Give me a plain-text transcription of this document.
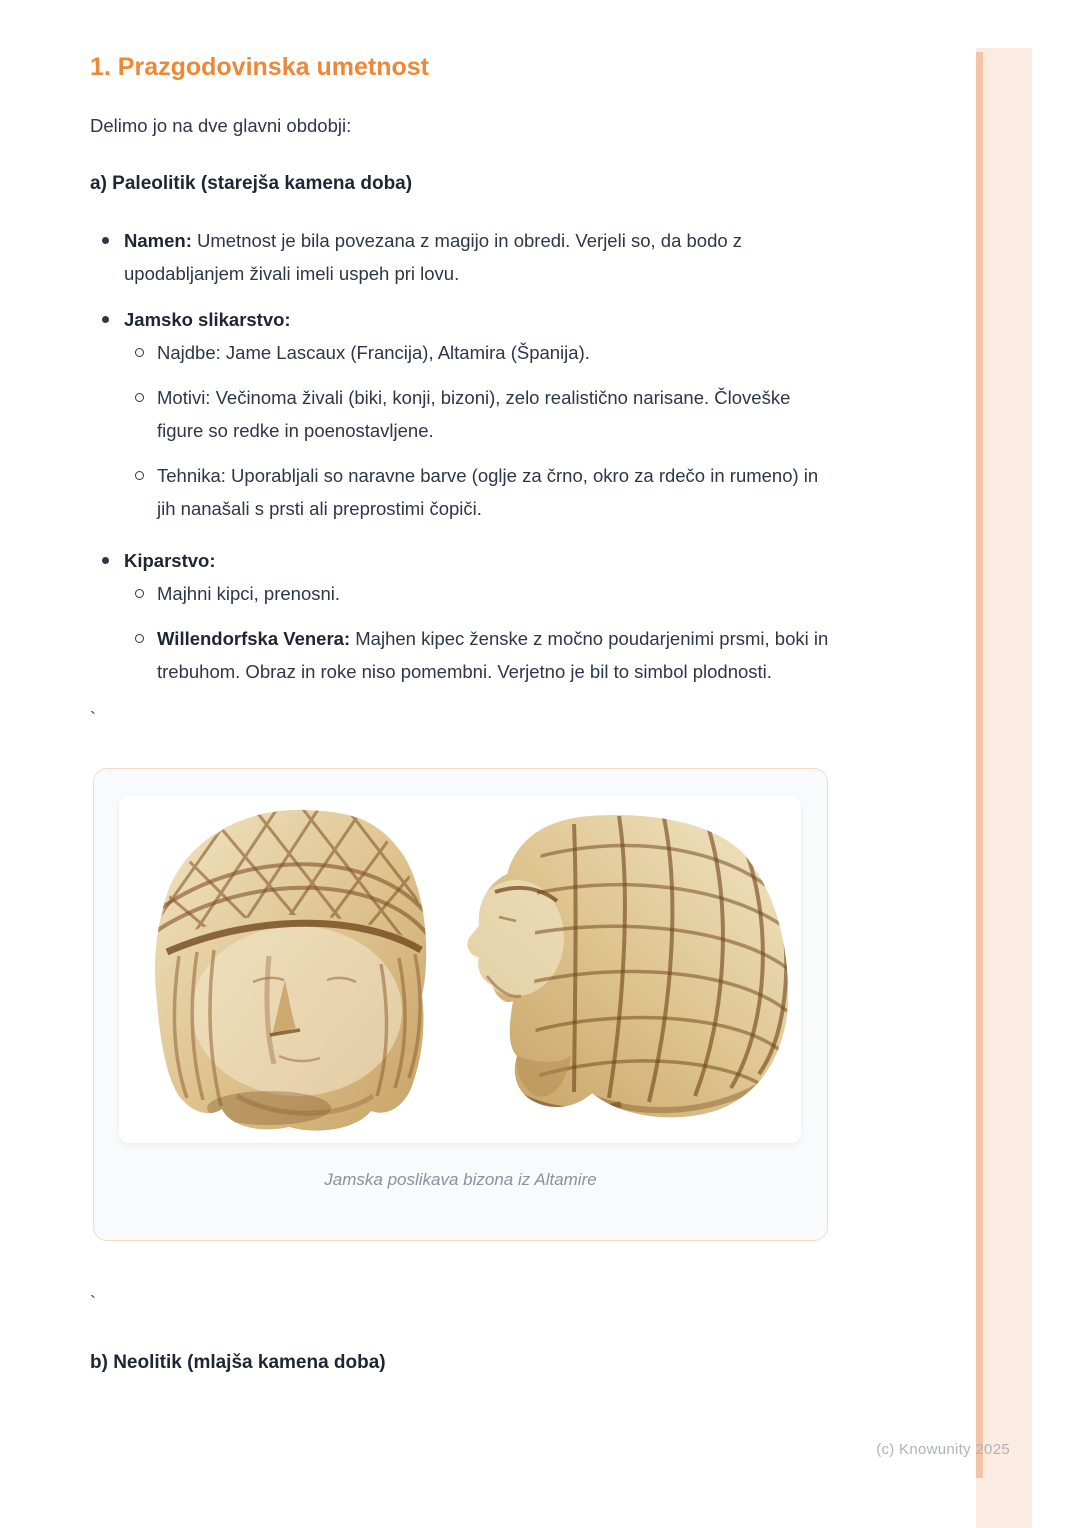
1. Prazgodovinska umetnost

Delimo jo na dve glavni obdobji:

a) Paleolitik (starejša kamena doba)
Namen: Umetnost je bila povezana z magijo in obredi. Verjeli so, da bodo z upodabljanjem živali imeli uspeh pri lovu.
Jamsko slikarstvo:
Najdbe: Jame Lascaux (Francija), Altamira (Španija).
Motivi: Večinoma živali (biki, konji, bizoni), zelo realistično narisane. Človeške figure so redke in poenostavljene.
Tehnika: Uporabljali so naravne barve (oglje za črno, okro za rdečo in rumeno) in jih nanašali s prsti ali preprostimi čopiči.
Kiparstvo:
Majhni kipci, prenosni.
Willendorfska Venera: Majhen kipec ženske z močno poudarjenimi prsmi, boki in trebuhom. Obraz in roke niso pomembni. Verjetno je bil to simbol plodnosti.
`
Jamska poslikava bizona iz Altamire
`
b) Neolitik (mlajša kamena doba)
(c) Knowunity 2025
